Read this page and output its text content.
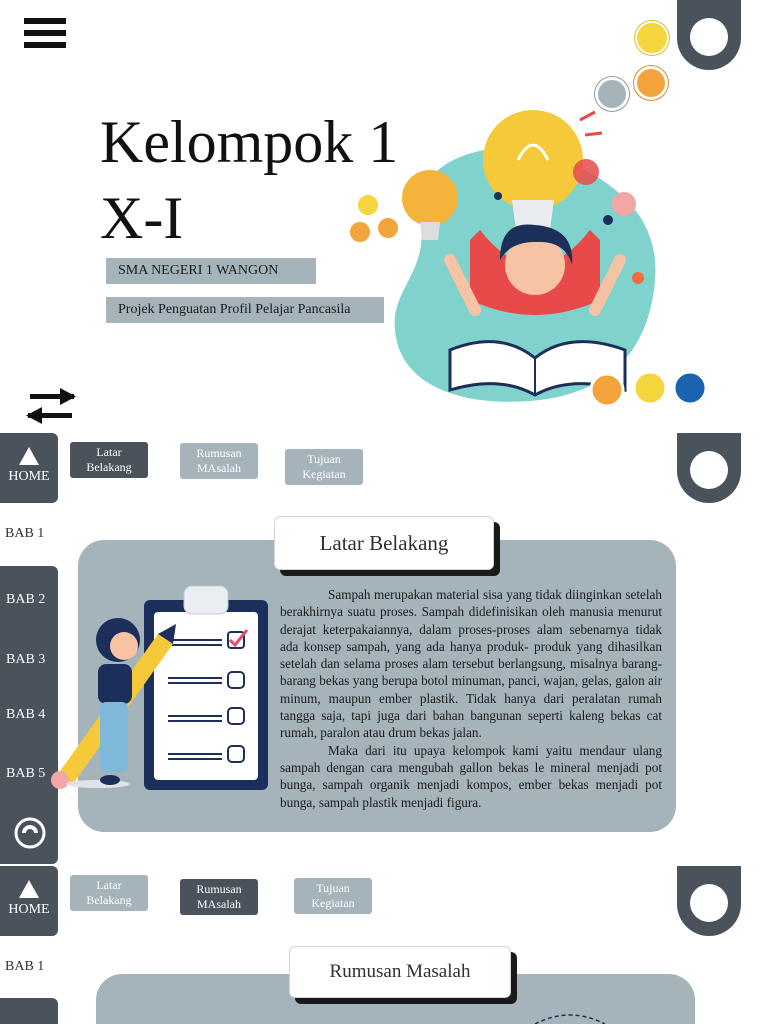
Kelompok 1
X-I
SMA NEGERI 1 WANGON
Projek Penguatan Profil Pelajar Pancasila
HOME
BAB 1
BAB 2
BAB 3
BAB 4
BAB 5
Latar
Belakang
Rumusan
MAsalah
Tujuan
Kegiatan
Latar Belakang

Sampah merupakan material sisa yang tidak diinginkan setelah berakhirnya suatu proses. Sampah didefinisikan oleh manusia menurut derajat keterpakaiannya, dalam proses-proses alam sebenarnya tidak ada konsep sampah, yang ada hanya produk- produk yang dihasilkan setelah dan selama proses alam tersebut berlangsung, misalnya barang- barang bekas yang berupa botol minuman, panci, wajan, gelas, galon air minum, maupun ember plastik. Tidak hanya dari peralatan rumah tangga saja, tapi juga dari bahan bangunan seperti kaleng bekas cat rumah, paralon atau drum bekas jalan.

Maka dari itu upaya kelompok kami yaitu mendaur ulang sampah dengan cara mengubah gallon bekas le mineral menjadi pot bunga, sampah organik menjadi kompos, ember bekas menjadi pot bunga, sampah plastik menjadi figura.

HOME
BAB 1
Latar
Belakang
Rumusan
MAsalah
Tujuan
Kegiatan
Rumusan Masalah
